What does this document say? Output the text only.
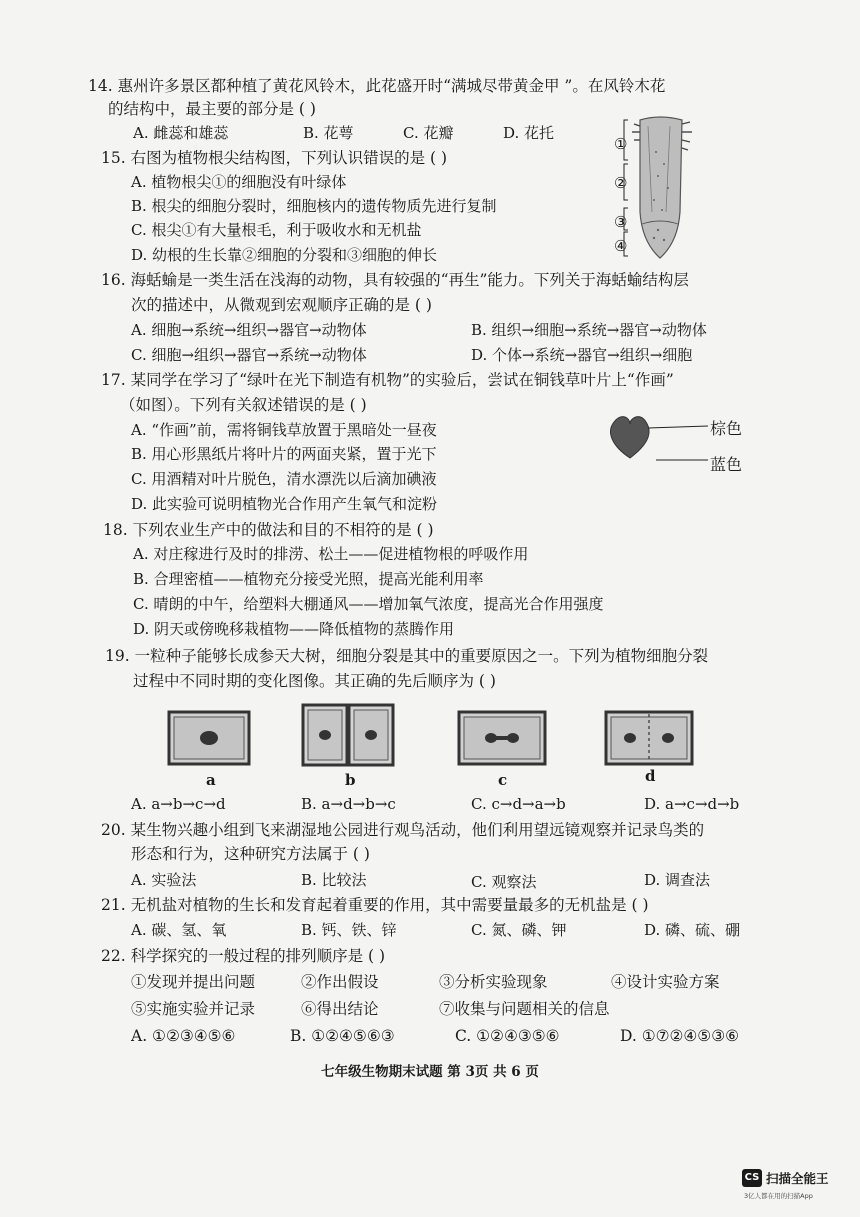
14. 惠州许多景区都种植了黄花风铃木，此花盛开时“满城尽带黄金甲 ”。在风铃木花
的结构中，最主要的部分是 ( )
A. 雌蕊和雄蕊	B. 花萼	C. 花瓣	D. 花托
15. 右图为植物根尖结构图，下列认识错误的是 ( )
A. 植物根尖①的细胞没有叶绿体
B. 根尖的细胞分裂时，细胞核内的遗传物质先进行复制
C. 根尖①有大量根毛，利于吸收水和无机盐
D. 幼根的生长靠②细胞的分裂和③细胞的伸长
①
②
③
④
16. 海蛞蝓是一类生活在浅海的动物，具有较强的“再生”能力。下列关于海蛞蝓结构层
次的描述中，从微观到宏观顺序正确的是 ( )
A. 细胞→系统→组织→器官→动物体	B. 组织→细胞→系统→器官→动物体
C. 细胞→组织→器官→系统→动物体	D. 个体→系统→器官→组织→细胞
17. 某同学在学习了“绿叶在光下制造有机物”的实验后，尝试在铜钱草叶片上“作画”
（如图）。下列有关叙述错误的是 ( )
A. “作画”前，需将铜钱草放置于黑暗处一昼夜
B. 用心形黑纸片将叶片的两面夹紧，置于光下
C. 用酒精对叶片脱色，清水漂洗以后滴加碘液
D. 此实验可说明植物光合作用产生氧气和淀粉
棕色
蓝色
18. 下列农业生产中的做法和目的不相符的是 ( )
A. 对庄稼进行及时的排涝、松土——促进植物根的呼吸作用
B. 合理密植——植物充分接受光照，提高光能利用率
C. 晴朗的中午，给塑料大棚通风——增加氧气浓度，提高光合作用强度
D. 阴天或傍晚移栽植物——降低植物的蒸腾作用
19. 一粒种子能够长成参天大树，细胞分裂是其中的重要原因之一。下列为植物细胞分裂
过程中不同时期的变化图像。其正确的先后顺序为 ( )
a	b	c	d
A. a→b→c→d	B. a→d→b→c	C. c→d→a→b	D. a→c→d→b
20. 某生物兴趣小组到飞来湖湿地公园进行观鸟活动，他们利用望远镜观察并记录鸟类的
形态和行为，这种研究方法属于 ( )
A. 实验法	B. 比较法	C. 观察法	D. 调查法
21. 无机盐对植物的生长和发育起着重要的作用，其中需要量最多的无机盐是 ( )
A. 碳、氢、氧	B. 钙、铁、锌	C. 氮、磷、钾	D. 磷、硫、硼
22. 科学探究的一般过程的排列顺序是 ( )
①发现并提出问题	②作出假设	③分析实验现象	④设计实验方案
⑤实施实验并记录	⑥得出结论	⑦收集与问题相关的信息
A. ①②③④⑤⑥	B. ①②④⑤⑥③	C. ①②④③⑤⑥	D. ①⑦②④⑤③⑥
七年级生物期末试题 第 3页 共 6 页
CS 扫描全能王
3亿人都在用的扫描App
